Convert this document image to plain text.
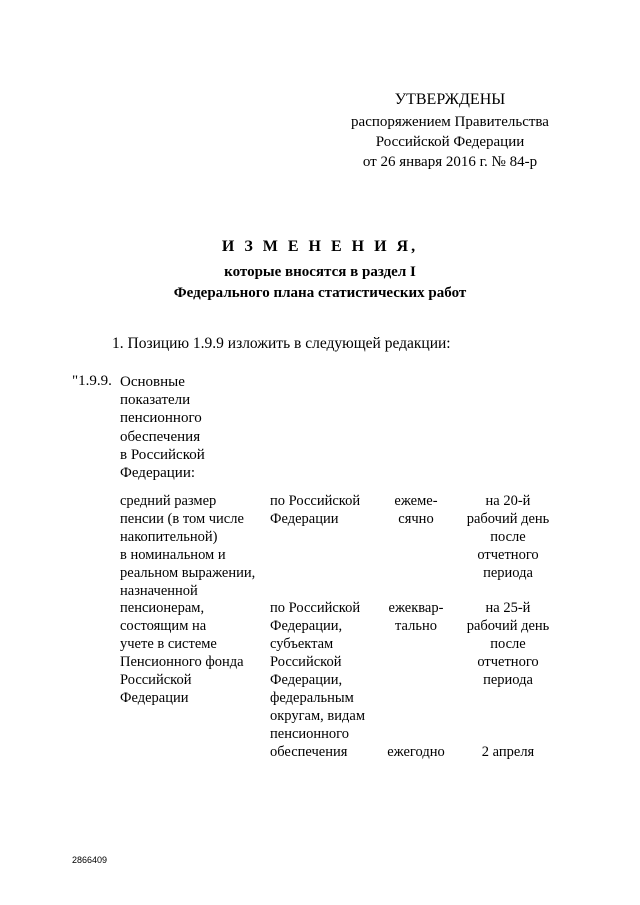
УТВЕРЖДЕНЫ
распоряжением Правительства
Российской Федерации
от 26 января 2016 г. № 84-р
И З М Е Н Е Н И Я,
которые вносятся в раздел I
Федерального плана статистических работ
1. Позицию 1.9.9 изложить в следующей редакции:
"1.9.9. Основные
показатели
пенсионного
обеспечения
в Российской
Федерации:
средний размер
пенсии (в том числе
накопительной)
в номинальном и
реальном выражении,
назначенной
по Российской
Федерации
ежеме-
сячно
на 20-й
рабочий день
после
отчетного
периода
пенсионерам,
состоящим на
учете в системе
Пенсионного фонда
Российской
Федерации
по Российской
Федерации,
субъектам
Российской
Федерации,
федеральным
округам, видам
пенсионного
ежеквар-
тально
на 25-й
рабочий день
после
отчетного
периода
обеспечения	ежегодно	2 апреля
2866409
